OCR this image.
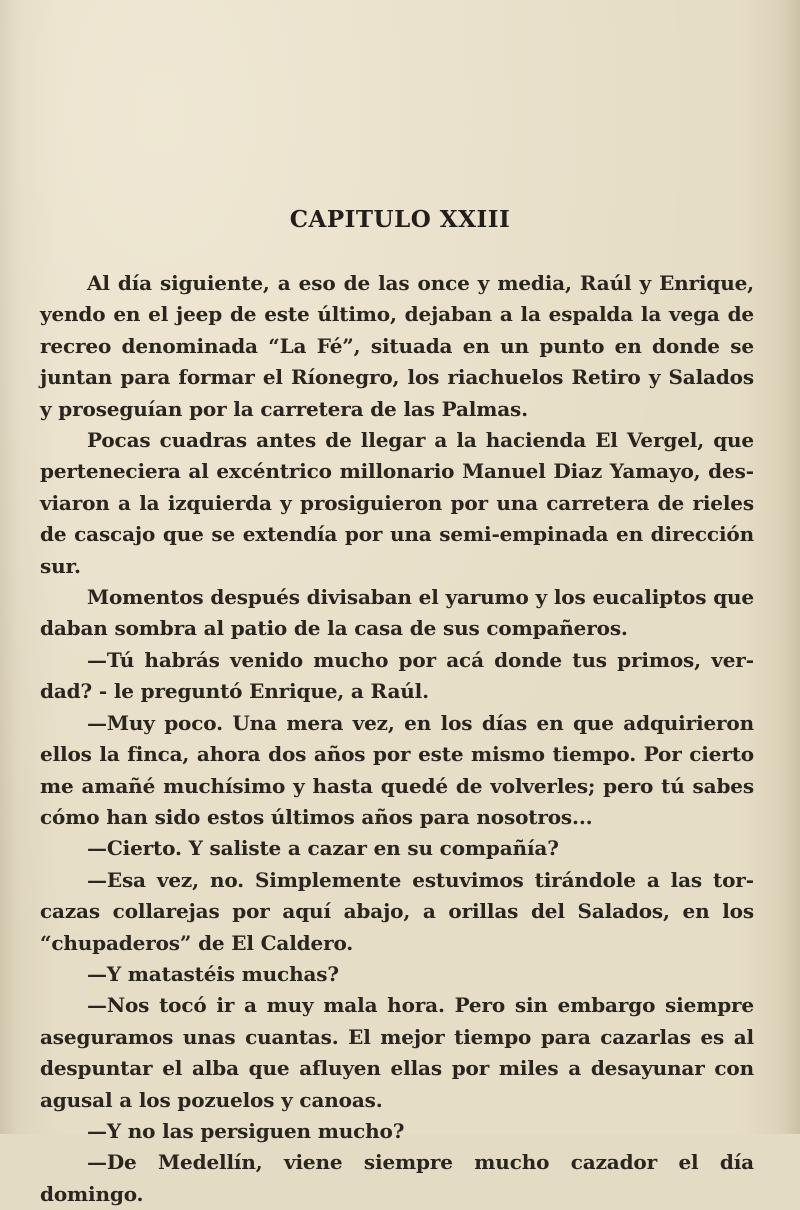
CAPITULO XXIII

Al día siguiente, a eso de las once y media, Raúl y Enrique, yendo en el jeep de este último, dejaban a la espalda la vega de recreo denominada “La Fé”, situada en un punto en donde se juntan para formar el Ríonegro, los riachuelos Retiro y Salados y proseguían por la carretera de las Palmas.

Pocas cuadras antes de llegar a la hacienda El Vergel, que perteneciera al excéntrico millonario Manuel Diaz Yamayo, desviaron a la izquierda y prosiguieron por una carretera de rieles de cascajo que se extendía por una semi-empinada en dirección sur.

Momentos después divisaban el yarumo y los eucaliptos que daban sombra al patio de la casa de sus compañeros.

—Tú habrás venido mucho por acá donde tus primos, verdad? - le preguntó Enrique, a Raúl.

—Muy poco. Una mera vez, en los días en que adquirieron ellos la finca, ahora dos años por este mismo tiempo. Por cierto me amañé muchísimo y hasta quedé de volverles; pero tú sabes cómo han sido estos últimos años para nosotros...

—Cierto. Y saliste a cazar en su compañía?

—Esa vez, no. Simplemente estuvimos tirándole a las torcazas collarejas por aquí abajo, a orillas del Salados, en los “chupaderos” de El Caldero.

—Y matastéis muchas?

—Nos tocó ir a muy mala hora. Pero sin embargo siempre aseguramos unas cuantas. El mejor tiempo para cazarlas es al despuntar el alba que afluyen ellas por miles a desayunar con agusal a los pozuelos y canoas.

—Y no las persiguen mucho?

—De Medellín, viene siempre mucho cazador el día domingo.
